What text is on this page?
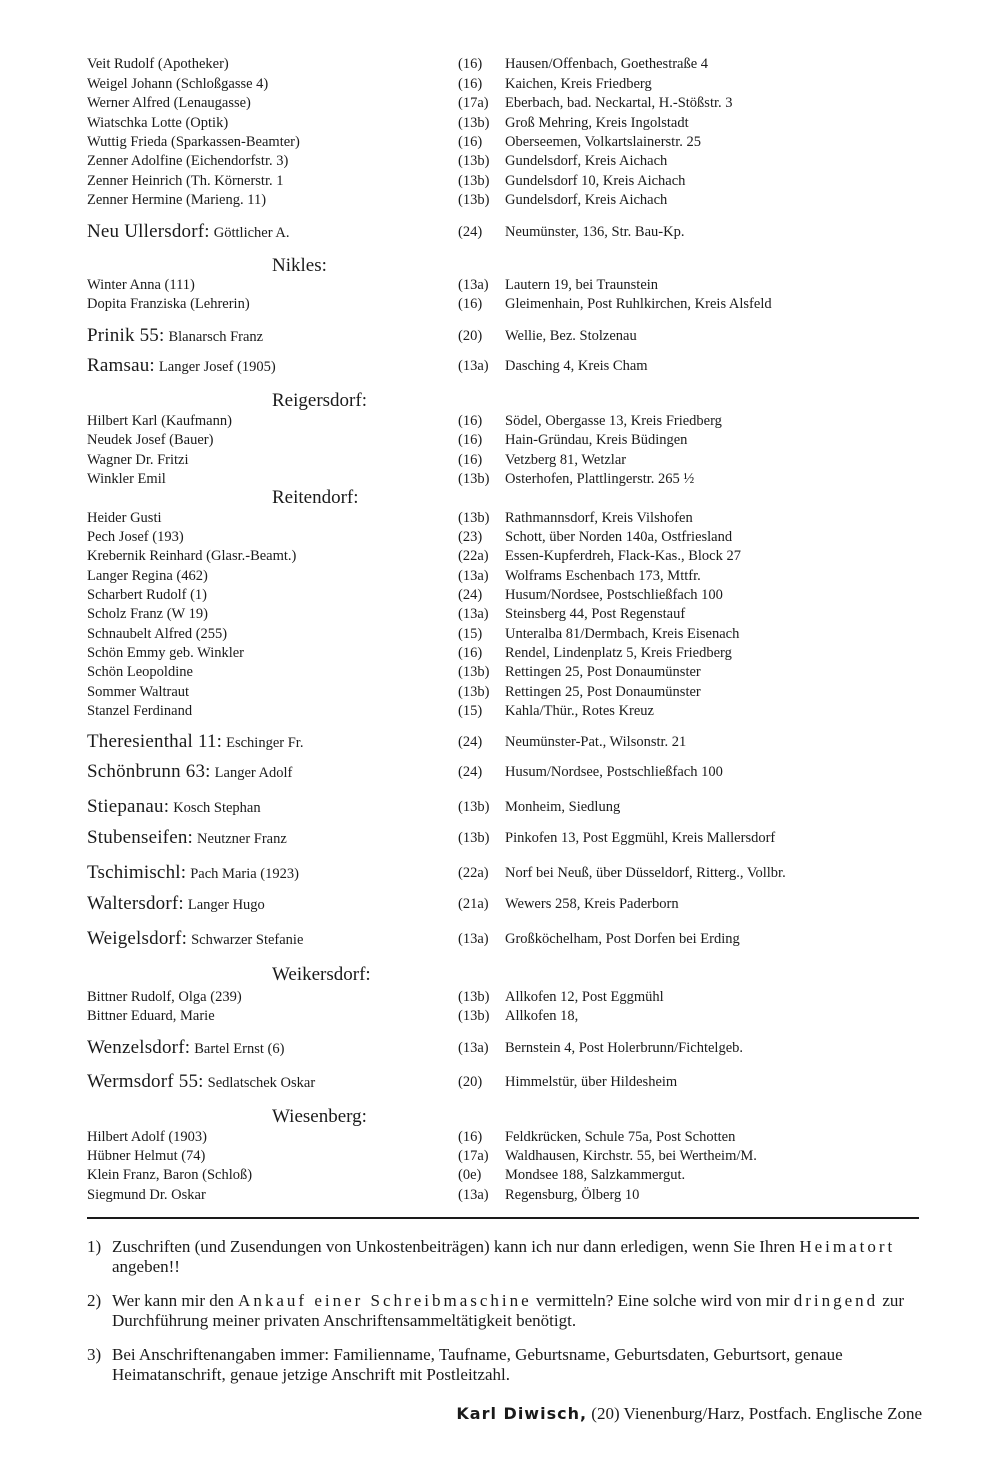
Veit Rudolf (Apotheker)	(16) Hausen/Offenbach, Goethestraße 4
Weigel Johann (Schloßgasse 4)	(16) Kaichen, Kreis Friedberg
Werner Alfred (Lenaugasse)	(17a) Eberbach, bad. Neckartal, H.-Stößstr. 3
Wiatschka Lotte (Optik)	(13b) Groß Mehring, Kreis Ingolstadt
Wuttig Frieda (Sparkassen-Beamter)	(16) Oberseemen, Volkartslainerstr. 25
Zenner Adolfine (Eichendorfstr. 3)	(13b) Gundelsdorf, Kreis Aichach
Zenner Heinrich (Th. Körnerstr. 1	(13b) Gundelsdorf 10, Kreis Aichach
Zenner Hermine (Marieng. 11)	(13b) Gundelsdorf, Kreis Aichach
Neu Ullersdorf: Göttlicher A.	(24) Neumünster, 136, Str. Bau-Kp.
Nikles:
Winter Anna (111)	(13a) Lautern 19, bei Traunstein
Dopita Franziska (Lehrerin)	(16) Gleimenhain, Post Ruhlkirchen, Kreis Alsfeld
Prinik 55: Blanarsch Franz	(20) Wellie, Bez. Stolzenau
Ramsau: Langer Josef (1905)	(13a) Dasching 4, Kreis Cham
Reigersdorf:
Hilbert Karl (Kaufmann)	(16) Södel, Obergasse 13, Kreis Friedberg
Neudek Josef (Bauer)	(16) Hain-Gründau, Kreis Büdingen
Wagner Dr. Fritzi	(16) Vetzberg 81, Wetzlar
Winkler Emil	(13b) Osterhofen, Plattlingerstr. 265 ½
Reitendorf:
Heider Gusti	(13b) Rathmannsdorf, Kreis Vilshofen
Pech Josef (193)	(23) Schott, über Norden 140a, Ostfriesland
Krebernik Reinhard (Glasr.-Beamt.)	(22a) Essen-Kupferdreh, Flack-Kas., Block 27
Langer Regina (462)	(13a) Wolframs Eschenbach 173, Mttfr.
Scharbert Rudolf (1)	(24) Husum/Nordsee, Postschließfach 100
Scholz Franz (W 19)	(13a) Steinsberg 44, Post Regenstauf
Schnaubelt Alfred (255)	(15) Unteralba 81/Dermbach, Kreis Eisenach
Schön Emmy geb. Winkler	(16) Rendel, Lindenplatz 5, Kreis Friedberg
Schön Leopoldine	(13b) Rettingen 25, Post Donaumünster
Sommer Waltraut	(13b) Rettingen 25, Post Donaumünster
Stanzel Ferdinand	(15) Kahla/Thür., Rotes Kreuz
Theresienthal 11: Eschinger Fr.	(24) Neumünster-Pat., Wilsonstr. 21
Schönbrunn 63: Langer Adolf	(24) Husum/Nordsee, Postschließfach 100
Stiepanau: Kosch Stephan	(13b) Monheim, Siedlung
Stubenseifen: Neutzner Franz	(13b) Pinkofen 13, Post Eggmühl, Kreis Mallersdorf
Tschimischl: Pach Maria (1923)	(22a) Norf bei Neuß, über Düsseldorf, Ritterg., Vollbr.
Waltersdorf: Langer Hugo	(21a) Wewers 258, Kreis Paderborn
Weigelsdorf: Schwarzer Stefanie	(13a) Großköchelham, Post Dorfen bei Erding
Weikersdorf:
Bittner Rudolf, Olga (239)	(13b) Allkofen 12, Post Eggmühl
Bittner Eduard, Marie	(13b) Allkofen 18,
Wenzelsdorf: Bartel Ernst (6)	(13a) Bernstein 4, Post Holerbrunn/Fichtelgeb.
Wermsdorf 55: Sedlatschek Oskar	(20) Himmelstür, über Hildesheim
Wiesenberg:
Hilbert Adolf (1903)	(16) Feldkrücken, Schule 75a, Post Schotten
Hübner Helmut (74)	(17a) Waldhausen, Kirchstr. 55, bei Wertheim/M.
Klein Franz, Baron (Schloß)	(0e) Mondsee 188, Salzkammergut.
Siegmund Dr. Oskar	(13a) Regensburg, Ölberg 10
1) Zuschriften (und Zusendungen von Unkostenbeiträgen) kann ich nur dann erledigen, wenn Sie Ihren Heimatort angeben!!
2) Wer kann mir den Ankauf einer Schreibmaschine vermitteln? Eine solche wird von mir dringend zur Durchführung meiner privaten Anschriftensammeltätigkeit benötigt.
3) Bei Anschriftenangaben immer: Familienname, Taufname, Geburtsname, Geburtsdaten, Geburtsort, genaue Heimatanschrift, genaue jetzige Anschrift mit Postleitzahl.
Karl Diwisch, (20) Vienenburg/Harz, Postfach. Englische Zone
